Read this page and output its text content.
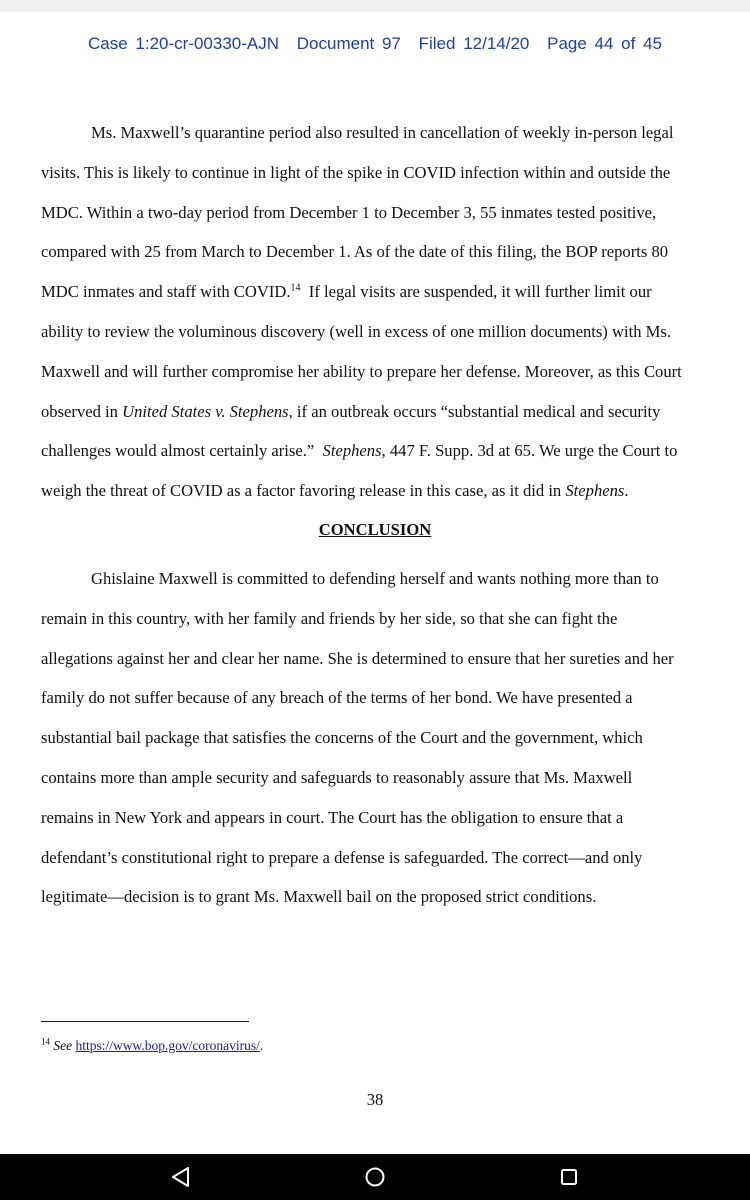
Case 1:20-cr-00330-AJN Document 97 Filed 12/14/20 Page 44 of 45
Ms. Maxwell’s quarantine period also resulted in cancellation of weekly in-person legal
visits. This is likely to continue in light of the spike in COVID infection within and outside the
MDC. Within a two-day period from December 1 to December 3, 55 inmates tested positive,
compared with 25 from March to December 1. As of the date of this filing, the BOP reports 80
MDC inmates and staff with COVID.$^{14}$  If legal visits are suspended, it will further limit our
ability to review the voluminous discovery (well in excess of one million documents) with Ms.
Maxwell and will further compromise her ability to prepare her defense. Moreover, as this Court
observed in United States v. Stephens, if an outbreak occurs “substantial medical and security
challenges would almost certainly arise.”  Stephens, 447 F. Supp. 3d at 65. We urge the Court to
weigh the threat of COVID as a factor favoring release in this case, as it did in Stephens.
CONCLUSION
Ghislaine Maxwell is committed to defending herself and wants nothing more than to
remain in this country, with her family and friends by her side, so that she can fight the
allegations against her and clear her name. She is determined to ensure that her sureties and her
family do not suffer because of any breach of the terms of her bond. We have presented a
substantial bail package that satisfies the concerns of the Court and the government, which
contains more than ample security and safeguards to reasonably assure that Ms. Maxwell
remains in New York and appears in court. The Court has the obligation to ensure that a
defendant’s constitutional right to prepare a defense is safeguarded. The correct—and only
legitimate—decision is to grant Ms. Maxwell bail on the proposed strict conditions.
$^{14}$ See https://www.bop.gov/coronavirus/.
38
